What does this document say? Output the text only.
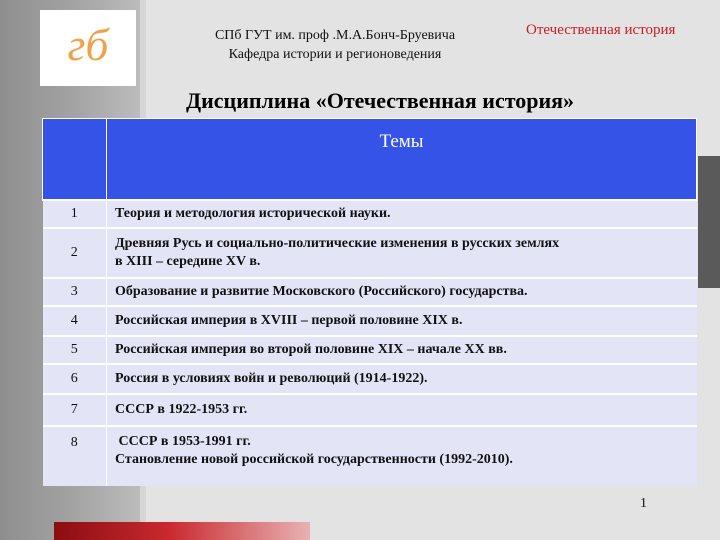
гб	СПб ГУТ им. проф .М.А.Бонч-Бруевича
Кафедра истории и регионоведения
Отечественная история
Дисциплина «Отечественная история»
	Темы
1	Теория и методология исторической науки.

2	Древняя Русь и социально-политические изменения в русских землях
в XIII – середине XV в.

3	Образование и развитие Московского (Российского) государства.

4	Российская империя в XVIII – первой половине XIX в.

5	Российская империя во второй половине XIX – начале XX вв.

6	Россия в условиях войн и революций (1914-1922).

7	СССР в 1922-1953 гг.

8	СССР в 1953-1991 гг.
Становление новой российской государственности (1992-2010).
1
